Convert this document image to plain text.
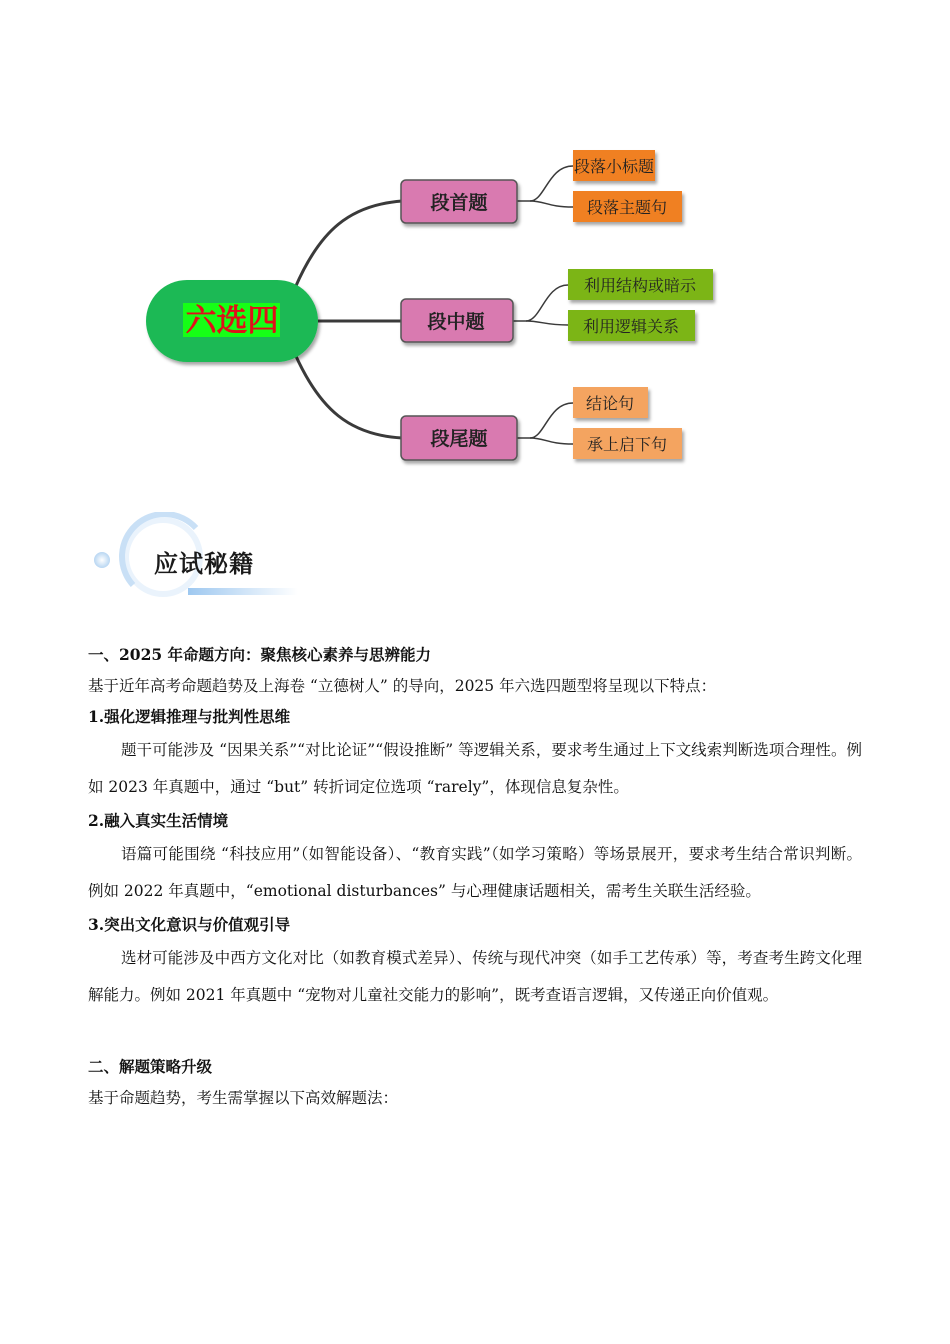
六选四
段首题
段中题
段尾题
段落小标题
段落主题句
利用结构或暗示
利用逻辑关系
结论句
承上启下句
应试秘籍

一、2025 年命题方向：聚焦核心素养与思辨能力

基于近年高考命题趋势及上海卷 “立德树人” 的导向，2025 年六选四题型将呈现以下特点：

1.强化逻辑推理与批判性思维

题干可能涉及 “因果关系”“对比论证”“假设推断” 等逻辑关系，要求考生通过上下文线索判断选项合理性。例如 2023 年真题中，通过 “but” 转折词定位选项 “rarely”，体现信息复杂性。

2.融入真实生活情境

语篇可能围绕 “科技应用”（如智能设备）、“教育实践”（如学习策略）等场景展开，要求考生结合常识判断。例如 2022 年真题中，“emotional disturbances” 与心理健康话题相关，需考生关联生活经验。

3.突出文化意识与价值观引导

选材可能涉及中西方文化对比（如教育模式差异）、传统与现代冲突（如手工艺传承）等，考查考生跨文化理解能力。例如 2021 年真题中 “宠物对儿童社交能力的影响”，既考查语言逻辑，又传递正向价值观。

二、解题策略升级

基于命题趋势，考生需掌握以下高效解题法：
